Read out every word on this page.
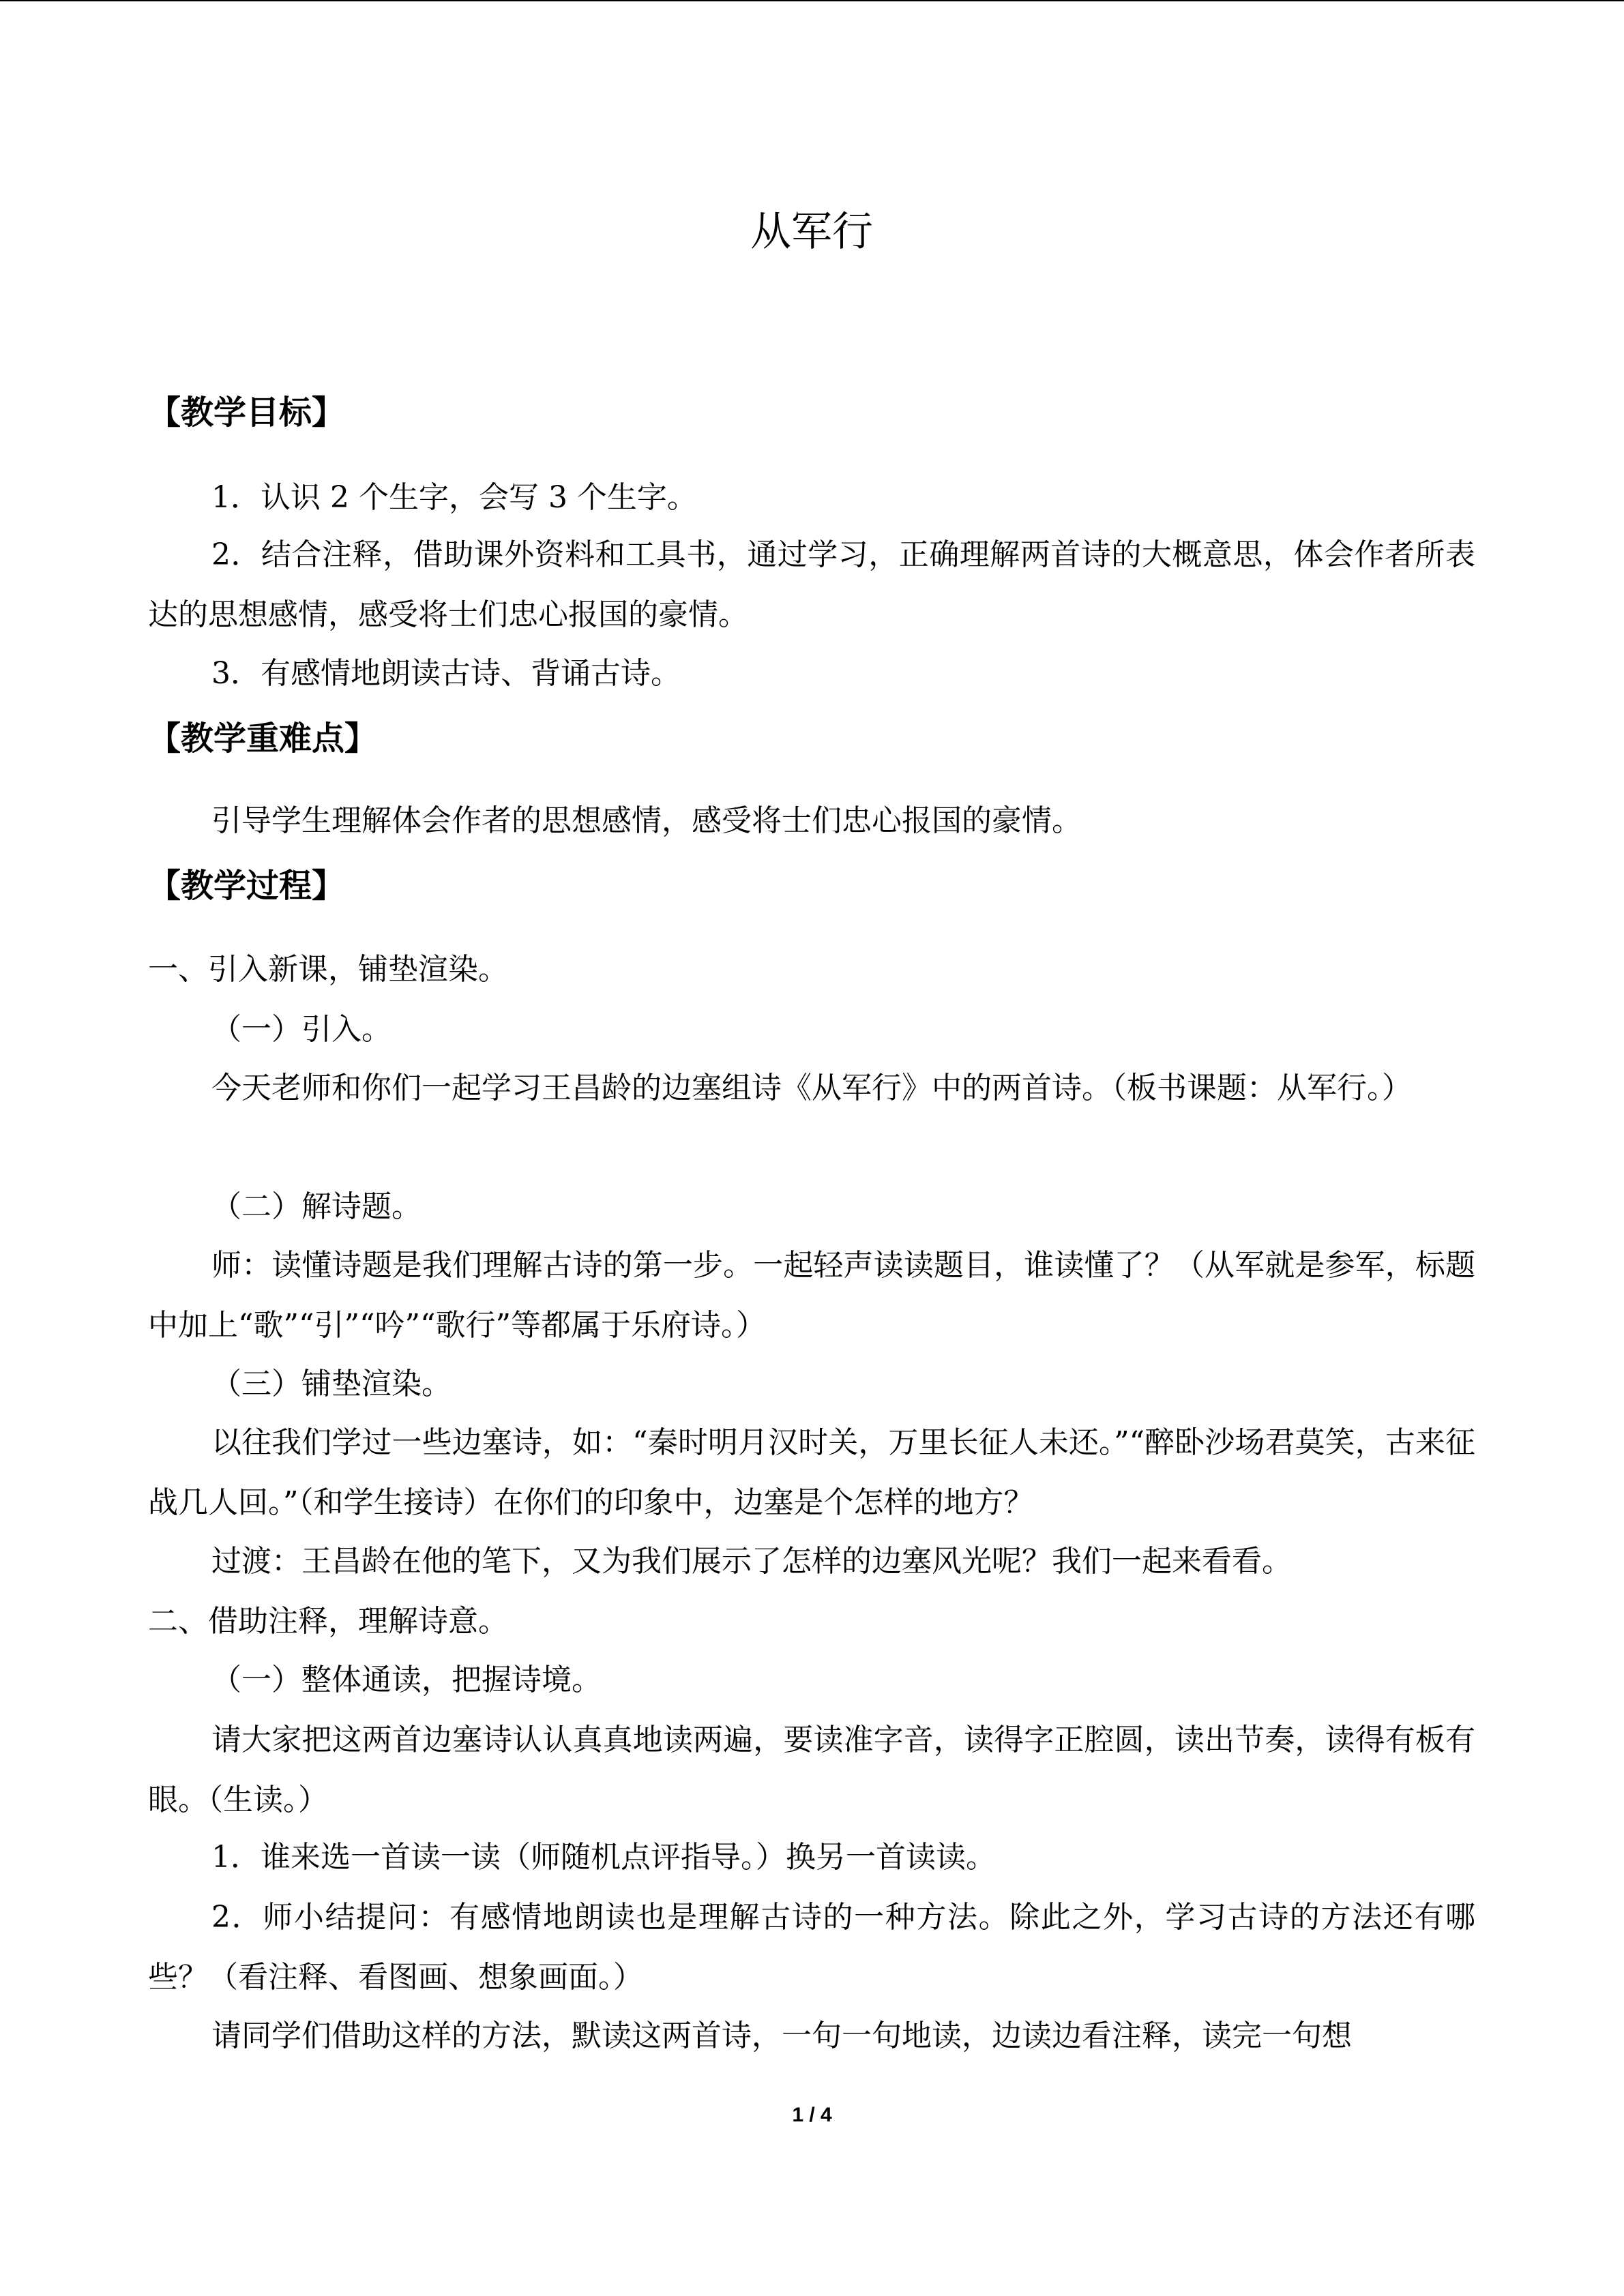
从军行
【教学目标】

1．认识 2 个生字，会写 3 个生字。

2．结合注释，借助课外资料和工具书，通过学习，正确理解两首诗的大概意思，体会作者所表达的思想感情，感受将士们忠心报国的豪情。

3．有感情地朗读古诗、背诵古诗。

【教学重难点】

引导学生理解体会作者的思想感情，感受将士们忠心报国的豪情。

【教学过程】

一、引入新课，铺垫渲染。

（一）引入。

今天老师和你们一起学习王昌龄的边塞组诗《从军行》中的两首诗。（板书课题：从军行。）

（二）解诗题。

师：读懂诗题是我们理解古诗的第一步。一起轻声读读题目，谁读懂了？（从军就是参军，标题中加上“歌”“引”“吟”“歌行”等都属于乐府诗。）

（三）铺垫渲染。

以往我们学过一些边塞诗，如：“秦时明月汉时关，万里长征人未还。”“醉卧沙场君莫笑，古来征战几人回。”（和学生接诗）在你们的印象中，边塞是个怎样的地方？

过渡：王昌龄在他的笔下，又为我们展示了怎样的边塞风光呢？我们一起来看看。

二、借助注释，理解诗意。

（一）整体通读，把握诗境。

请大家把这两首边塞诗认认真真地读两遍，要读准字音，读得字正腔圆，读出节奏，读得有板有眼。（生读。）

1．谁来选一首读一读（师随机点评指导。）换另一首读读。

2．师小结提问：有感情地朗读也是理解古诗的一种方法。除此之外，学习古诗的方法还有哪些？（看注释、看图画、想象画面。）

请同学们借助这样的方法，默读这两首诗，一句一句地读，边读边看注释，读完一句想

1 / 4
